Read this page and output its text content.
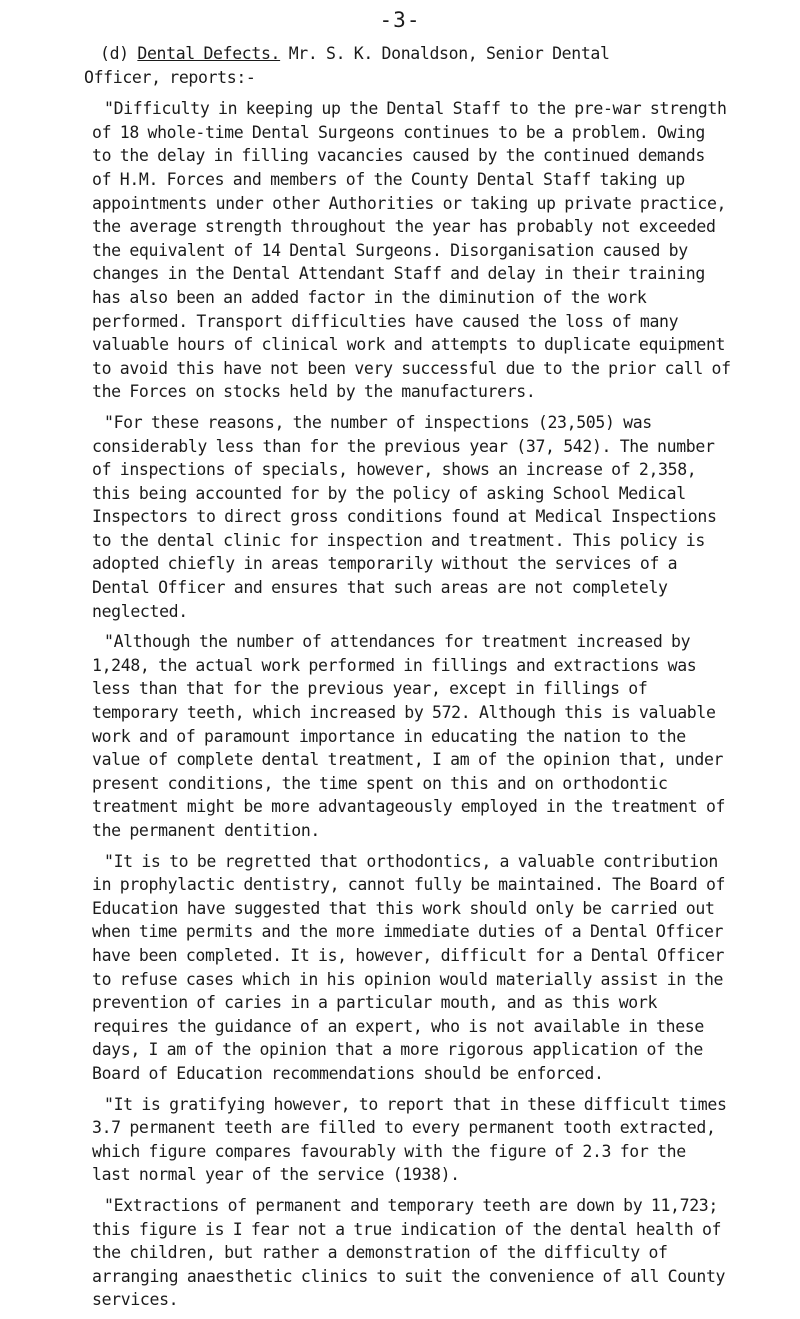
-3-
(d) Dental Defects. Mr. S. K. Donaldson, Senior Dental
Officer, reports:-

"Difficulty in keeping up the Dental Staff to the pre-war strength of 18 whole-time Dental Surgeons continues to be a problem. Owing to the delay in filling vacancies caused by the continued demands of H.M. Forces and members of the County Dental Staff taking up appointments under other Authorities or taking up private practice, the average strength throughout the year has probably not exceeded the equivalent of 14 Dental Surgeons. Disorganisation caused by changes in the Dental Attendant Staff and delay in their training has also been an added factor in the diminution of the work performed. Transport difficulties have caused the loss of many valuable hours of clinical work and attempts to duplicate equipment to avoid this have not been very successful due to the prior call of the Forces on stocks held by the manufacturers.

"For these reasons, the number of inspections (23,505) was considerably less than for the previous year (37, 542). The number of inspections of specials, however, shows an increase of 2,358, this being accounted for by the policy of asking School Medical Inspectors to direct gross conditions found at Medical Inspections to the dental clinic for inspection and treatment. This policy is adopted chiefly in areas temporarily without the services of a Dental Officer and ensures that such areas are not completely neglected.

"Although the number of attendances for treatment increased by 1,248, the actual work performed in fillings and extractions was less than that for the previous year, except in fillings of temporary teeth, which increased by 572. Although this is valuable work and of paramount importance in educating the nation to the value of complete dental treatment, I am of the opinion that, under present conditions, the time spent on this and on orthodontic treatment might be more advantageously employed in the treatment of the permanent dentition.

"It is to be regretted that orthodontics, a valuable contribution in prophylactic dentistry, cannot fully be maintained. The Board of Education have suggested that this work should only be carried out when time permits and the more immediate duties of a Dental Officer have been completed. It is, however, difficult for a Dental Officer to refuse cases which in his opinion would materially assist in the prevention of caries in a particular mouth, and as this work requires the guidance of an expert, who is not available in these days, I am of the opinion that a more rigorous application of the Board of Education recommendations should be enforced.

"It is gratifying however, to report that in these difficult times 3.7 permanent teeth are filled to every permanent tooth extracted, which figure compares favourably with the figure of 2.3 for the last normal year of the service (1938).

"Extractions of permanent and temporary teeth are down by 11,723; this figure is I fear not a true indication of the dental health of the children, but rather a demonstration of the difficulty of arranging anaesthetic clinics to suit the convenience of all County services.
